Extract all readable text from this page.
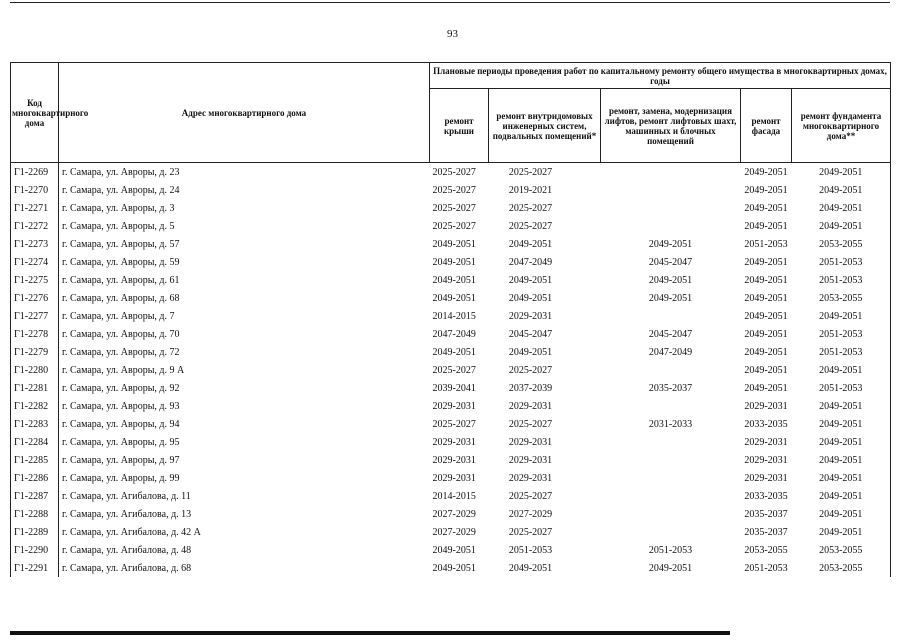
93
Код многоквартирного дома	Адрес многоквартирного дома	Плановые периоды проведения работ по капитальному ремонту общего имущества в многоквартирных домах, годы				
		ремонт крыши	ремонт внутридомовых инженерных систем, подвальных помещений*	ремонт, замена, модернизация лифтов, ремонт лифтовых шахт, машинных и блочных помещений	ремонт фасада	ремонт фундамента многоквартирного дома**
Г1-2269	г. Самара, ул. Авроры, д. 23	2025-2027	2025-2027		2049-2051	2049-2051
Г1-2270	г. Самара, ул. Авроры, д. 24	2025-2027	2019-2021		2049-2051	2049-2051
Г1-2271	г. Самара, ул. Авроры, д. 3	2025-2027	2025-2027		2049-2051	2049-2051
Г1-2272	г. Самара, ул. Авроры, д. 5	2025-2027	2025-2027		2049-2051	2049-2051
Г1-2273	г. Самара, ул. Авроры, д. 57	2049-2051	2049-2051	2049-2051	2051-2053	2053-2055
Г1-2274	г. Самара, ул. Авроры, д. 59	2049-2051	2047-2049	2045-2047	2049-2051	2051-2053
Г1-2275	г. Самара, ул. Авроры, д. 61	2049-2051	2049-2051	2049-2051	2049-2051	2051-2053
Г1-2276	г. Самара, ул. Авроры, д. 68	2049-2051	2049-2051	2049-2051	2049-2051	2053-2055
Г1-2277	г. Самара, ул. Авроры, д. 7	2014-2015	2029-2031		2049-2051	2049-2051
Г1-2278	г. Самара, ул. Авроры, д. 70	2047-2049	2045-2047	2045-2047	2049-2051	2051-2053
Г1-2279	г. Самара, ул. Авроры, д. 72	2049-2051	2049-2051	2047-2049	2049-2051	2051-2053
Г1-2280	г. Самара, ул. Авроры, д. 9 А	2025-2027	2025-2027		2049-2051	2049-2051
Г1-2281	г. Самара, ул. Авроры, д. 92	2039-2041	2037-2039	2035-2037	2049-2051	2051-2053
Г1-2282	г. Самара, ул. Авроры, д. 93	2029-2031	2029-2031		2029-2031	2049-2051
Г1-2283	г. Самара, ул. Авроры, д. 94	2025-2027	2025-2027	2031-2033	2033-2035	2049-2051
Г1-2284	г. Самара, ул. Авроры, д. 95	2029-2031	2029-2031		2029-2031	2049-2051
Г1-2285	г. Самара, ул. Авроры, д. 97	2029-2031	2029-2031		2029-2031	2049-2051
Г1-2286	г. Самара, ул. Авроры, д. 99	2029-2031	2029-2031		2029-2031	2049-2051
Г1-2287	г. Самара, ул. Агибалова, д. 11	2014-2015	2025-2027		2033-2035	2049-2051
Г1-2288	г. Самара, ул. Агибалова, д. 13	2027-2029	2027-2029		2035-2037	2049-2051
Г1-2289	г. Самара, ул. Агибалова, д. 42 А	2027-2029	2025-2027		2035-2037	2049-2051
Г1-2290	г. Самара, ул. Агибалова, д. 48	2049-2051	2051-2053	2051-2053	2053-2055	2053-2055
Г1-2291	г. Самара, ул. Агибалова, д. 68	2049-2051	2049-2051	2049-2051	2051-2053	2053-2055
